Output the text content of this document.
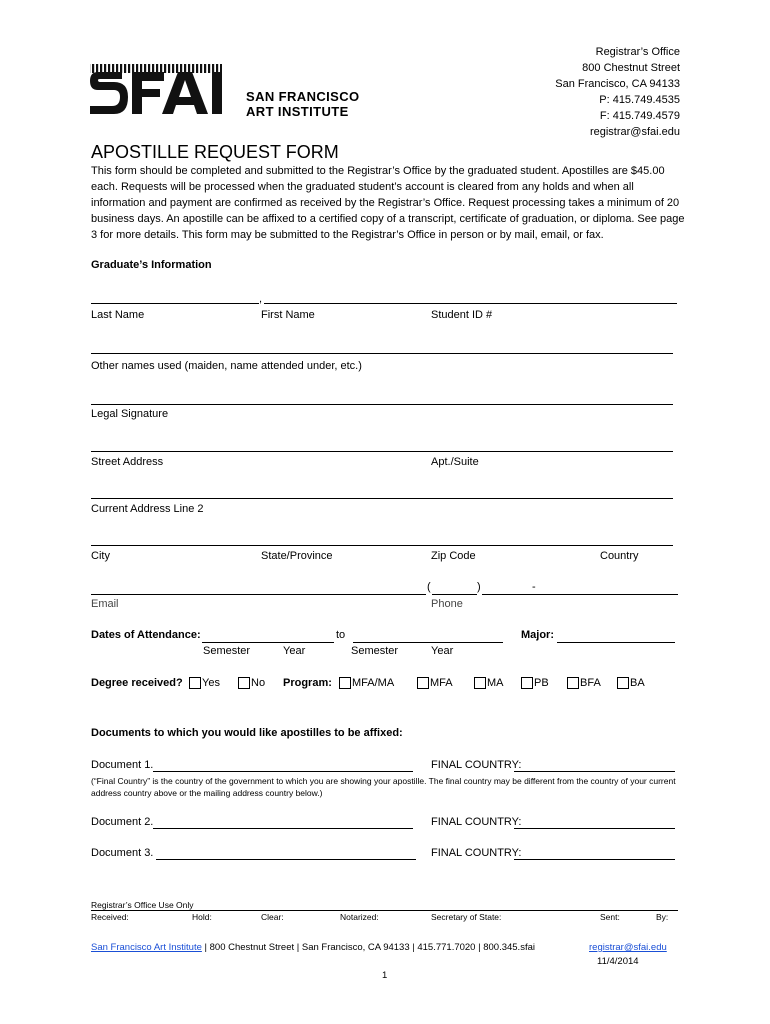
SAN FRANCISCO
ART INSTITUTE
Registrar’s Office
800 Chestnut Street
San Francisco, CA 94133
P: 415.749.4535
F: 415.749.4579
registrar@sfai.edu
APOSTILLE REQUEST FORM
This form should be completed and submitted to the Registrar’s Office by the graduated student. Apostilles are $45.00 each. Requests will be processed when the graduated student’s account is cleared from any holds and when all information and payment are confirmed as received by the Registrar’s Office. Request processing takes a minimum of 20 business days. An apostille can be affixed to a certified copy of a transcript, certificate of graduation, or diploma. See page 3 for more details. This form may be submitted to the Registrar’s Office in person or by mail, email, or fax.
Graduate’s Information
,
Last Name	First Name	Student ID #
Other names used (maiden, name attended under, etc.)
Legal Signature
Street Address	Apt./Suite
Current Address Line 2
City	State/Province	Zip Code	Country
(	)	-
Email	Phone
Dates of Attendance:	to	Major:
Semester	Year	Semester	Year
Degree received? Yes	No Program: MFA/MA	MFA	MA	PB	BFA	BA
Documents to which you would like apostilles to be affixed:
Document 1.	FINAL COUNTRY:
(“Final Country” is the country of the government to which you are showing your apostille. The final country may be different from the country of your current address country above or the mailing address country below.)
Document 2.	FINAL COUNTRY:
Document 3.	FINAL COUNTRY:
Registrar’s Office Use Only
Received:	Hold:	Clear:	Notarized:	Secretary of State:	Sent:	By:
San Francisco Art Institute | 800 Chestnut Street | San Francisco, CA 94133 | 415.771.7020 | 800.345.sfai	registrar@sfai.edu
11/4/2014
1
